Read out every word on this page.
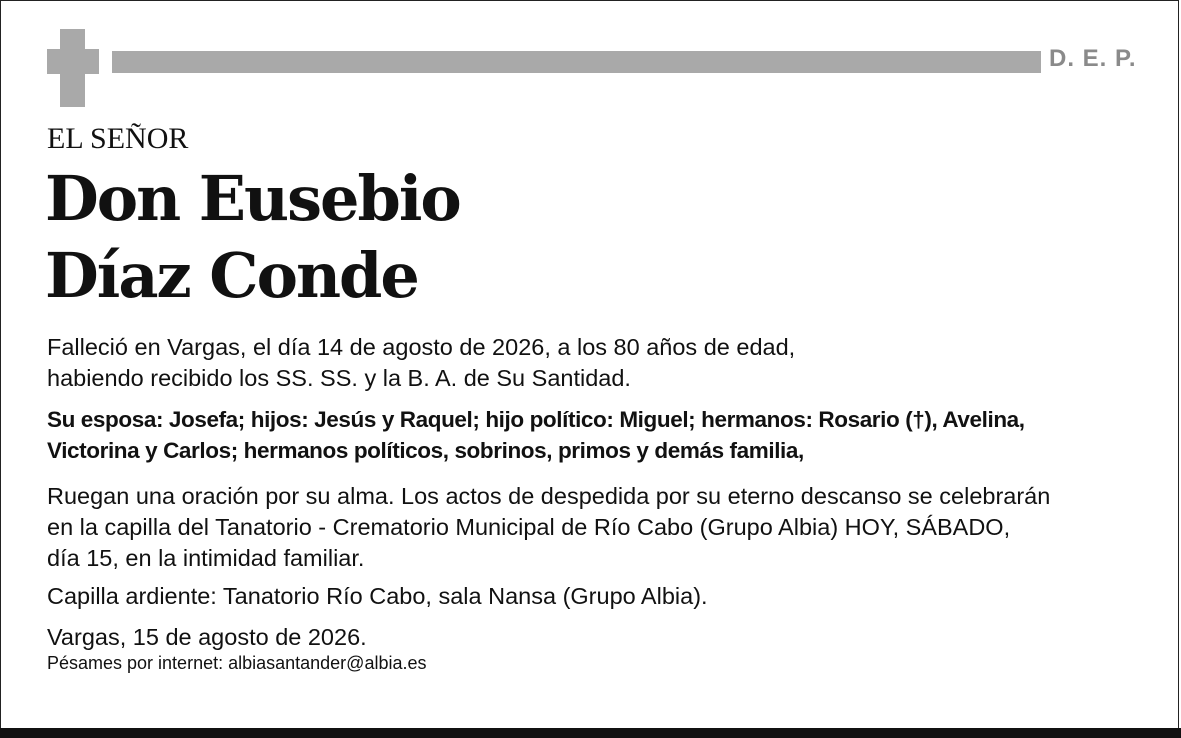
D. E. P.
EL SEÑOR
Don Eusebio
Díaz Conde

Falleció en Vargas, el día 14 de agosto de 2026, a los 80 años de edad,
habiendo recibido los SS. SS. y la B. A. de Su Santidad.

Su esposa: Josefa; hijos: Jesús y Raquel; hijo político: Miguel; hermanos: Rosario (†), Avelina,
Victorina y Carlos; hermanos políticos, sobrinos, primos y demás familia,

Ruegan una oración por su alma. Los actos de despedida por su eterno descanso se celebrarán
en la capilla del Tanatorio - Crematorio Municipal de Río Cabo (Grupo Albia) HOY, SÁBADO,
día 15, en la intimidad familiar.

Capilla ardiente: Tanatorio Río Cabo, sala Nansa (Grupo Albia).

Vargas, 15 de agosto de 2026.

Pésames por internet: albiasantander@albia.es
